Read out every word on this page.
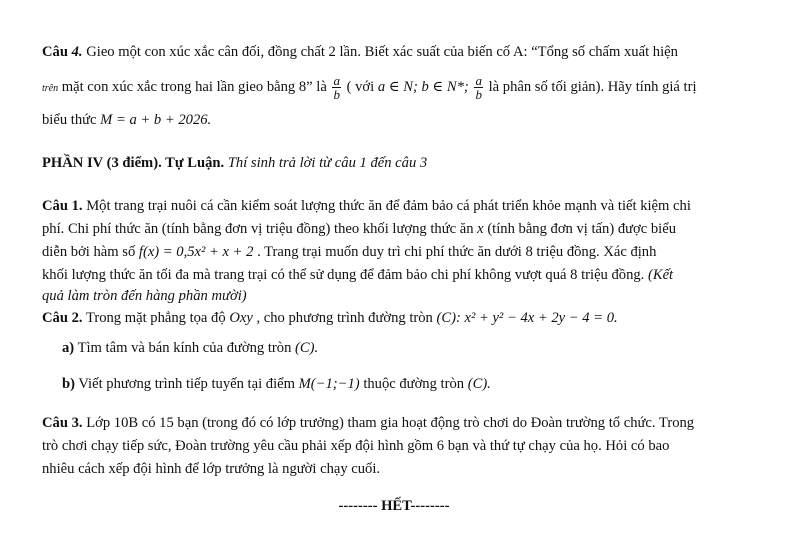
Câu 4. Gieo một con xúc xắc cân đối, đồng chất 2 lần. Biết xác suất của biến cố A: “Tổng số chấm xuất hiện
trên mặt con xúc xắc trong hai lần gieo bằng 8” là $\frac{a}{b}$ ( với a ∈ N; b ∈ N*; $\frac{a}{b}$ là phân số tối giản). Hãy tính giá trị
biểu thức M = a + b + 2026.
PHẦN IV (3 điểm). Tự Luận. Thí sinh trả lời từ câu 1 đến câu 3
Câu 1. Một trang trại nuôi cá cần kiểm soát lượng thức ăn để đảm bảo cá phát triển khỏe mạnh và tiết kiệm chi
phí. Chi phí thức ăn (tính bằng đơn vị triệu đồng) theo khối lượng thức ăn x (tính bằng đơn vị tấn) được biểu
diễn bởi hàm số f(x) = 0,5x² + x + 2 . Trang trại muốn duy trì chi phí thức ăn dưới 8 triệu đồng. Xác định
khối lượng thức ăn tối đa mà trang trại có thể sử dụng để đảm bảo chi phí không vượt quá 8 triệu đồng. (Kết
quả làm tròn đến hàng phần mười)
Câu 2. Trong mặt phẳng tọa độ Oxy , cho phương trình đường tròn (C): x² + y² − 4x + 2y − 4 = 0.
a) Tìm tâm và bán kính của đường tròn (C).
b) Viết phương trình tiếp tuyến tại điểm M(−1;−1) thuộc đường tròn (C).
Câu 3. Lớp 10B có 15 bạn (trong đó có lớp trưởng) tham gia hoạt động trò chơi do Đoàn trường tổ chức. Trong
trò chơi chạy tiếp sức, Đoàn trường yêu cầu phải xếp đội hình gồm 6 bạn và thứ tự chạy của họ. Hỏi có bao
nhiêu cách xếp đội hình để lớp trưởng là người chạy cuối.
-------- HẾT--------
